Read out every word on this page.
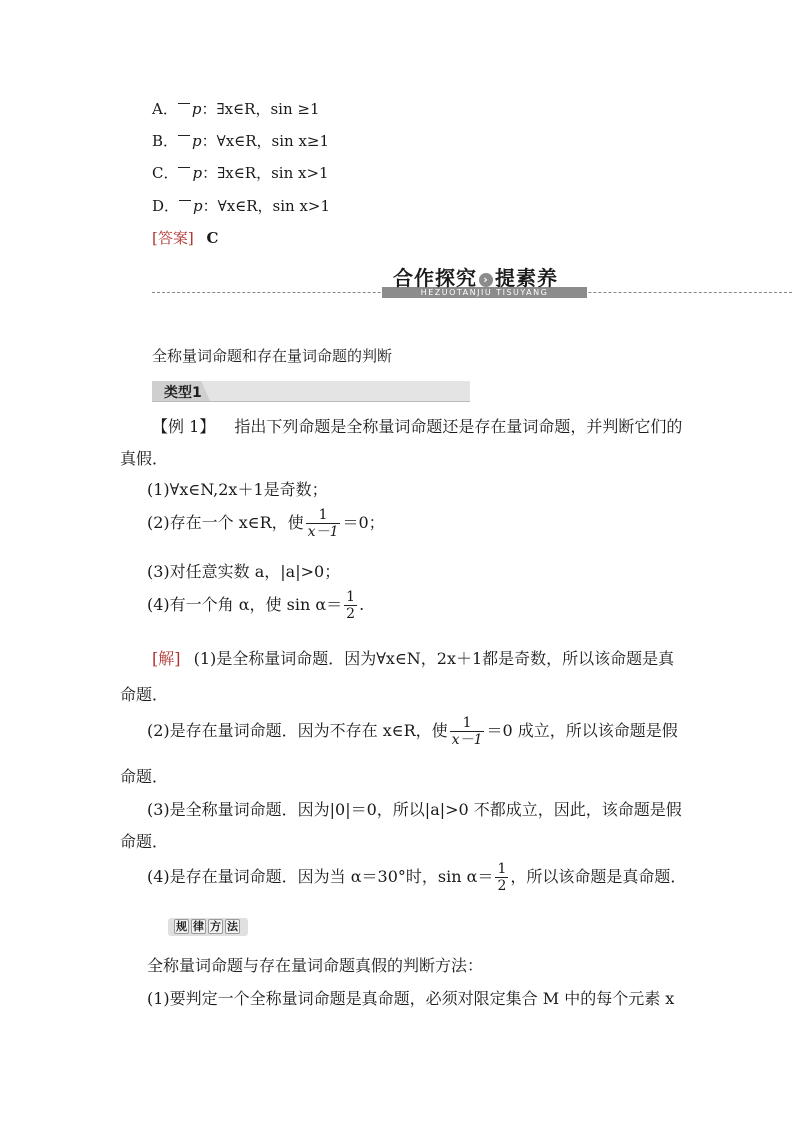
A． p：∃x∈R，sin ≥1
B． p：∀x∈R，sin x≥1
C． p：∃x∈R，sin x>1
D． p：∀x∈R，sin x>1
[答案] C
HEZUOTANJIU TISUYANG
合作探究 › 提素养
全称量词命题和存在量词命题的判断
类型1
【例 1】 指出下列命题是全称量词命题还是存在量词命题，并判断它们的
真假．
(1)∀x∈N,2x＋1是奇数；
(2)存在一个 x∈R，使 $\frac{1}{x-1} =0$；
(3)对任意实数 a，|a|>0；
(4)有一个角 α，使 $\sin \alpha= \frac{1}{2}$ .
[解] (1)是全称量词命题．因为∀x∈N，2x＋1都是奇数，所以该命题是真
命题．
(2)是存在量词命题．因为不存在 x∈R，使 $\frac{1}{x-1} =0$ 成立，所以该命题是假
命题．
(3)是全称量词命题．因为|0|＝0，所以|a|>0 不都成立，因此，该命题是假
命题．
(4)是存在量词命题．因为当 α＝30°时，$\sin \alpha= \frac{1}{2}$ ，所以该命题是真命题．
规 律 方 法
全称量词命题与存在量词命题真假的判断方法：
(1)要判定一个全称量词命题是真命题，必须对限定集合 M 中的每个元素 x
